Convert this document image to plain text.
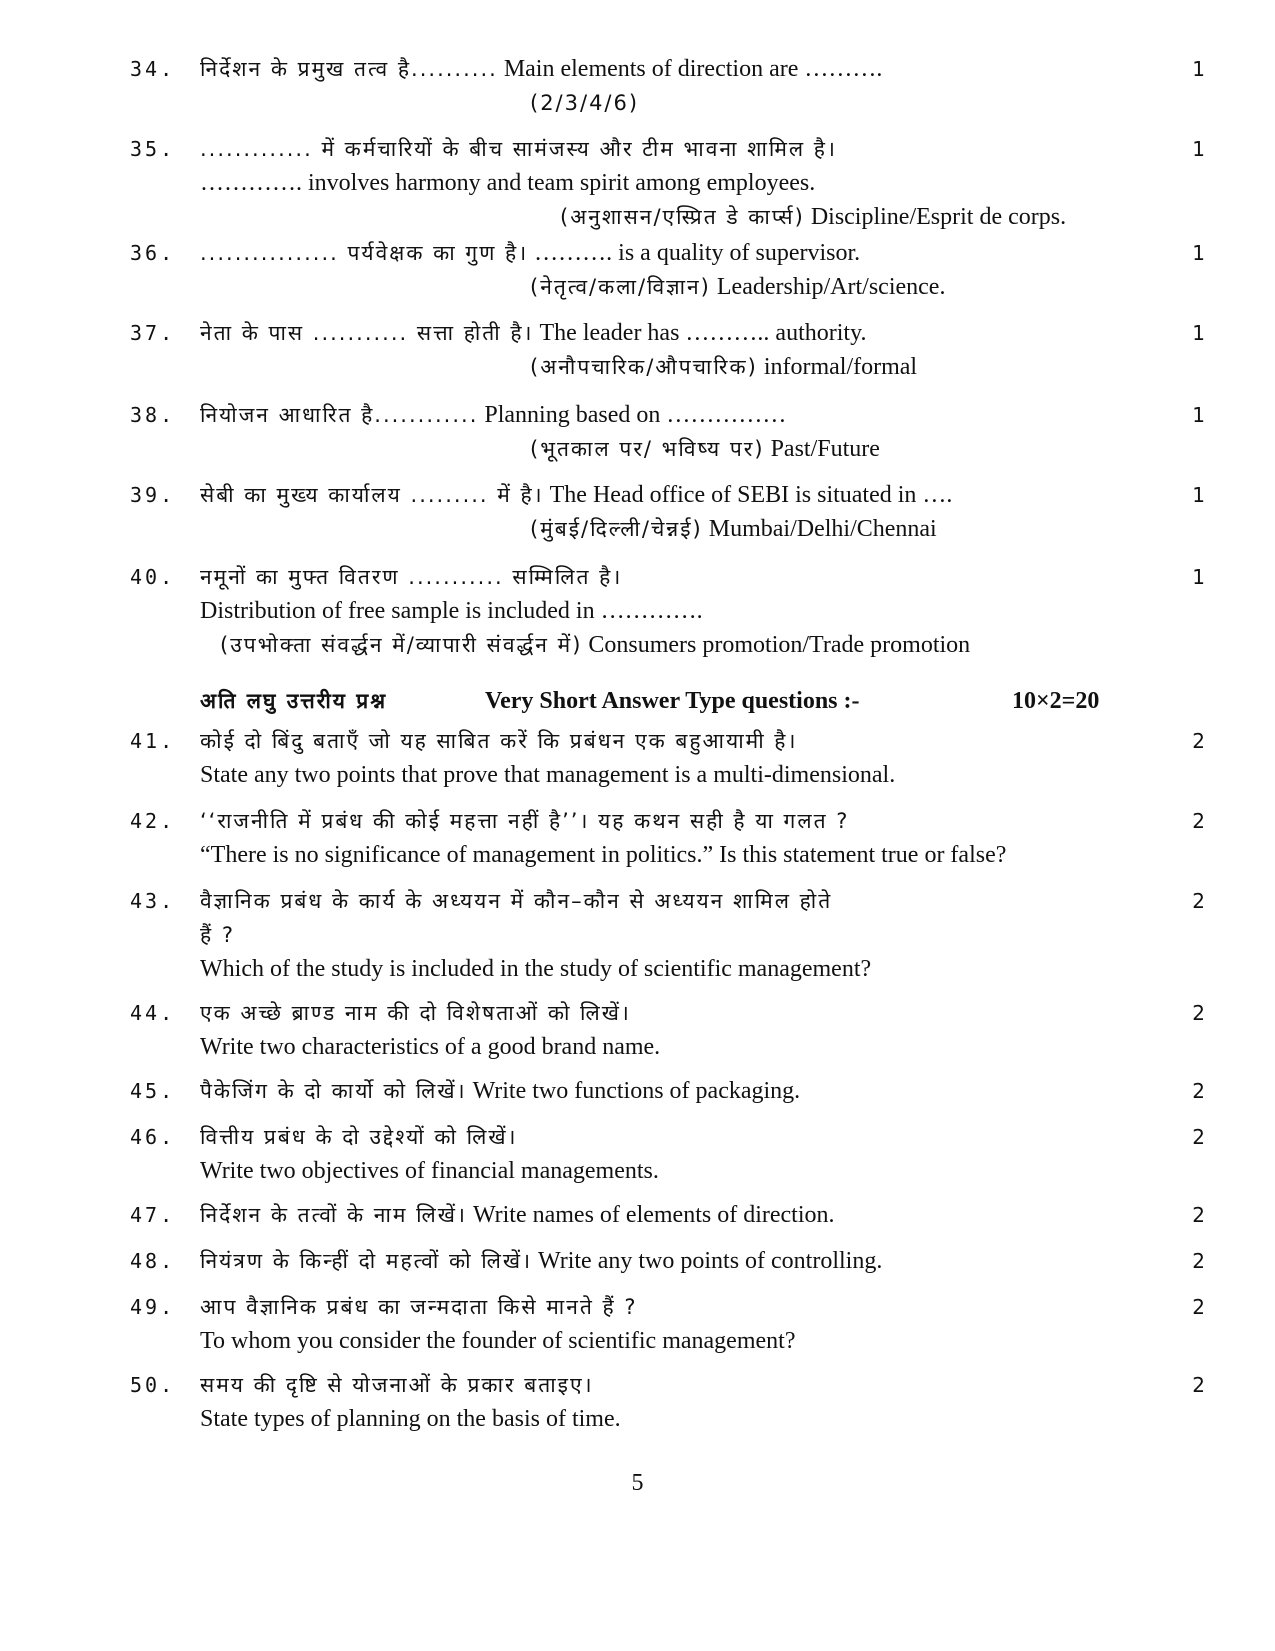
34. निर्देशन के प्रमुख तत्व है.......... Main elements of direction are ……….
(2/3/4/6)
1
35. ............. में कर्मचारियों के बीच सामंजस्य और टीम भावना शामिल है।
…………. involves harmony and team spirit among employees.
(अनुशासन/एस्प्रित डे कार्प्स) Discipline/Esprit de corps.
1
36. ................ पर्यवेक्षक का गुण है। ………. is a quality of supervisor.
(नेतृत्व/कला/विज्ञान) Leadership/Art/science.
1
37. नेता के पास ........... सत्ता होती है। The leader has ……….. authority.
(अनौपचारिक/औपचारिक) informal/formal
1
38. नियोजन आधारित है............ Planning based on ……………
(भूतकाल पर/ भविष्य पर) Past/Future
1
39. सेबी का मुख्य कार्यालय ......... में है। The Head office of SEBI is situated in ….
(मुंबई/दिल्ली/चेन्नई) Mumbai/Delhi/Chennai
1
40. नमूनों का मुफ्त वितरण ........... सम्मिलित है।
Distribution of free sample is included in ………….
(उपभोक्ता संवर्द्धन में/व्यापारी संवर्द्धन में) Consumers promotion/Trade promotion
1
41. कोई दो बिंदु बताएँ जो यह साबित करें कि प्रबंधन एक बहुआयामी है।
State any two points that prove that management is a multi-dimensional.
2
42. ‘‘राजनीति में प्रबंध की कोई महत्ता नहीं है’’। यह कथन सही है या गलत ?
“There is no significance of management in politics.” Is this statement true or false?
2
43. वैज्ञानिक प्रबंध के कार्य के अध्ययन में कौन–कौन से अध्ययन शामिल होते
हैं ?
Which of the study is included in the study of scientific management?
2
44. एक अच्छे ब्राण्ड नाम की दो विशेषताओं को लिखें।
Write two characteristics of a good brand name.
2
45. पैकेजिंग के दो कार्यो को लिखें। Write two functions of packaging.	2
46. वित्तीय प्रबंध के दो उद्देश्यों को लिखें।
Write two objectives of financial managements.
2
47. निर्देशन के तत्वों के नाम लिखें। Write names of elements of direction.	2
48. नियंत्रण के किन्हीं दो महत्वों को लिखें। Write any two points of controlling.	2
49. आप वैज्ञानिक प्रबंध का जन्मदाता किसे मानते हैं ?
To whom you consider the founder of scientific management?
2
50. समय की दृष्टि से योजनाओं के प्रकार बताइए।
State types of planning on the basis of time.
2
अति लघु उत्तरीय प्रश्न	Very Short Answer Type questions :-	10×2=20
5
